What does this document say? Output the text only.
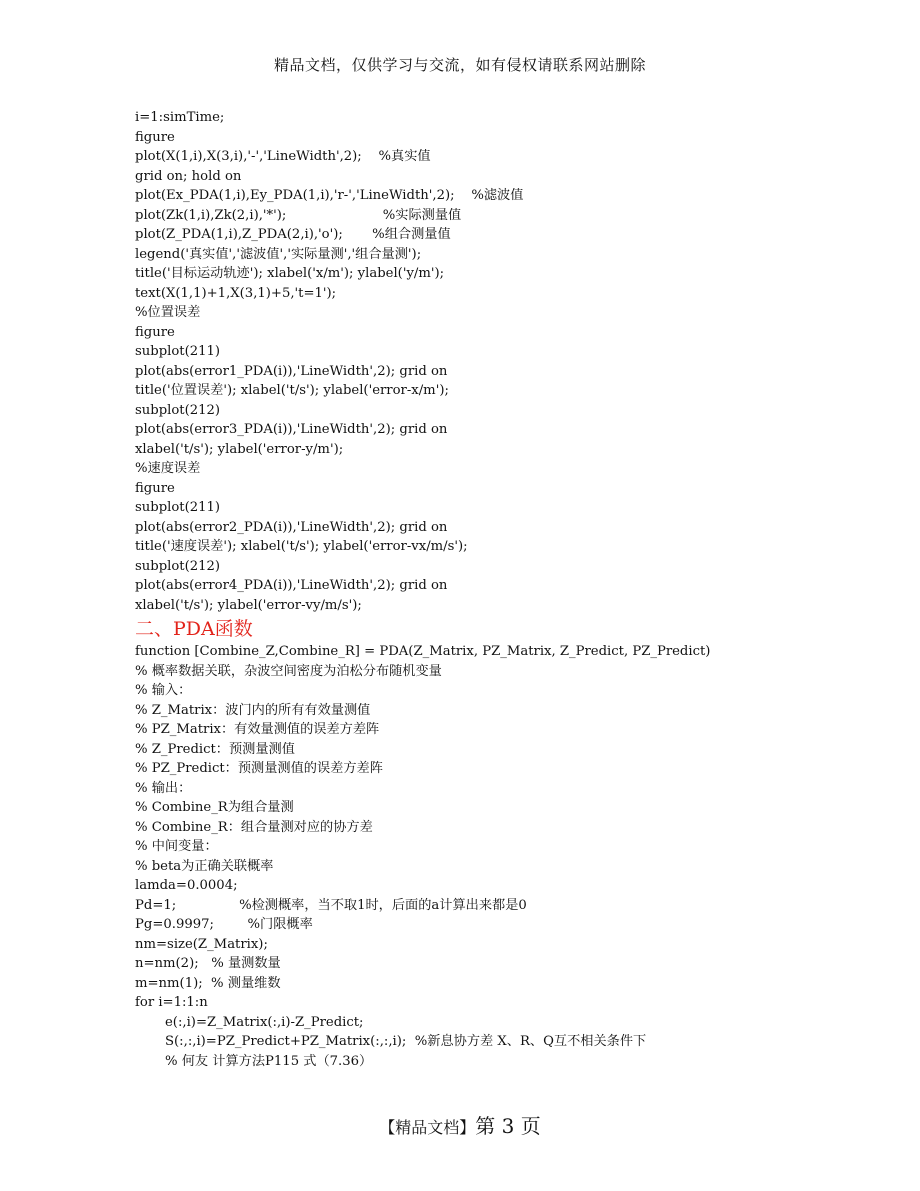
精品文档，仅供学习与交流，如有侵权请联系网站删除
i=1:simTime;
figure
plot(X(1,i),X(3,i),'-','LineWidth',2);    %真实值
grid on; hold on
plot(Ex_PDA(1,i),Ey_PDA(1,i),'r-','LineWidth',2);    %滤波值
plot(Zk(1,i),Zk(2,i),'*');                       %实际测量值
plot(Z_PDA(1,i),Z_PDA(2,i),'o');       %组合测量值
legend('真实值','滤波值','实际量测','组合量测');
title('目标运动轨迹'); xlabel('x/m'); ylabel('y/m');
text(X(1,1)+1,X(3,1)+5,'t=1');
%位置误差
figure
subplot(211)
plot(abs(error1_PDA(i)),'LineWidth',2); grid on
title('位置误差'); xlabel('t/s'); ylabel('error-x/m');
subplot(212)
plot(abs(error3_PDA(i)),'LineWidth',2); grid on
xlabel('t/s'); ylabel('error-y/m');
%速度误差
figure
subplot(211)
plot(abs(error2_PDA(i)),'LineWidth',2); grid on
title('速度误差'); xlabel('t/s'); ylabel('error-vx/m/s');
subplot(212)
plot(abs(error4_PDA(i)),'LineWidth',2); grid on
xlabel('t/s'); ylabel('error-vy/m/s');
二、PDA函数
function [Combine_Z,Combine_R] = PDA(Z_Matrix, PZ_Matrix, Z_Predict, PZ_Predict)
% 概率数据关联，杂波空间密度为泊松分布随机变量
% 输入：
% Z_Matrix：波门内的所有有效量测值
% PZ_Matrix：有效量测值的误差方差阵
% Z_Predict：预测量测值
% PZ_Predict：预测量测值的误差方差阵
% 输出：
% Combine_R为组合量测
% Combine_R：组合量测对应的协方差
% 中间变量：
% beta为正确关联概率
lamda=0.0004;
Pd=1;               %检测概率，当不取1时，后面的a计算出来都是0
Pg=0.9997;        %门限概率
nm=size(Z_Matrix);
n=nm(2);   % 量测数量
m=nm(1);  % 测量维数
for i=1:1:n
e(:,i)=Z_Matrix(:,i)-Z_Predict;
S(:,:,i)=PZ_Predict+PZ_Matrix(:,:,i);  %新息协方差 X、R、Q互不相关条件下
% 何友 计算方法P115 式（7.36）
【精品文档】第 3 页
